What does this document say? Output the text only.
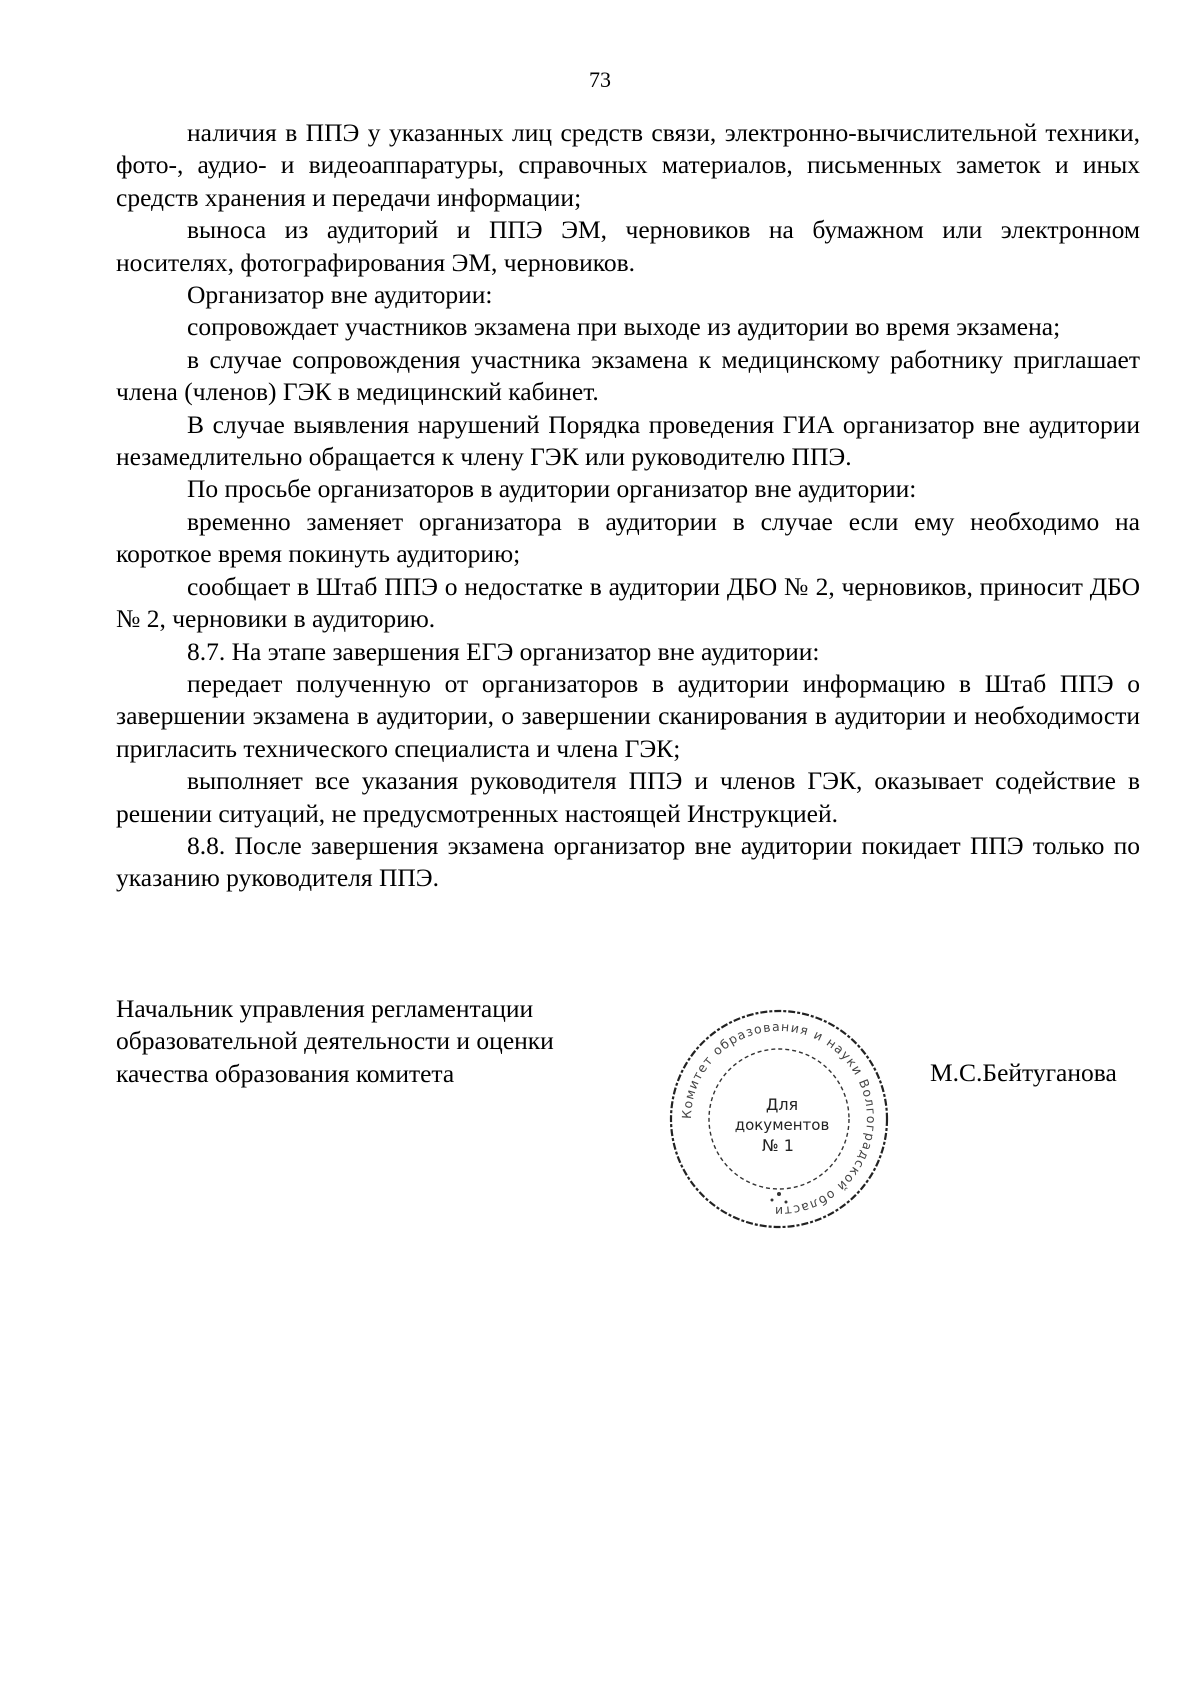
73

наличия в ППЭ у указанных лиц средств связи, электронно-вычислительной техники, фото-, аудио- и видеоаппаратуры, справочных материалов, письменных заметок и иных средств хранения и передачи информации;

выноса из аудиторий и ППЭ ЭМ, черновиков на бумажном или электронном носителях, фотографирования ЭМ, черновиков.

Организатор вне аудитории:

сопровождает участников экзамена при выходе из аудитории во время экзамена;

в случае сопровождения участника экзамена к медицинскому работнику приглашает члена (членов) ГЭК в медицинский кабинет.

В случае выявления нарушений Порядка проведения ГИА организатор вне аудитории незамедлительно обращается к члену ГЭК или руководителю ППЭ.

По просьбе организаторов в аудитории организатор вне аудитории:

временно заменяет организатора в аудитории в случае если ему необходимо на короткое время покинуть аудиторию;

сообщает в Штаб ППЭ о недостатке в аудитории ДБО № 2, черновиков, приносит ДБО № 2, черновики в аудиторию.

8.7. На этапе завершения ЕГЭ организатор вне аудитории:

передает полученную от организаторов в аудитории информацию в Штаб ППЭ о завершении экзамена в аудитории, о завершении сканирования в аудитории и необходимости пригласить технического специалиста и члена ГЭК;

выполняет все указания руководителя ППЭ и членов ГЭК, оказывает содействие в решении ситуаций, не предусмотренных настоящей Инструкцией.

8.8. После завершения экзамена организатор вне аудитории покидает ППЭ только по указанию руководителя ППЭ.

Начальник управления регламентации
образовательной деятельности и оценки
качества образования комитета
Комитет образования и науки Волгоградской области
Для
документов
№ 1
М.С.Бейтуганова
